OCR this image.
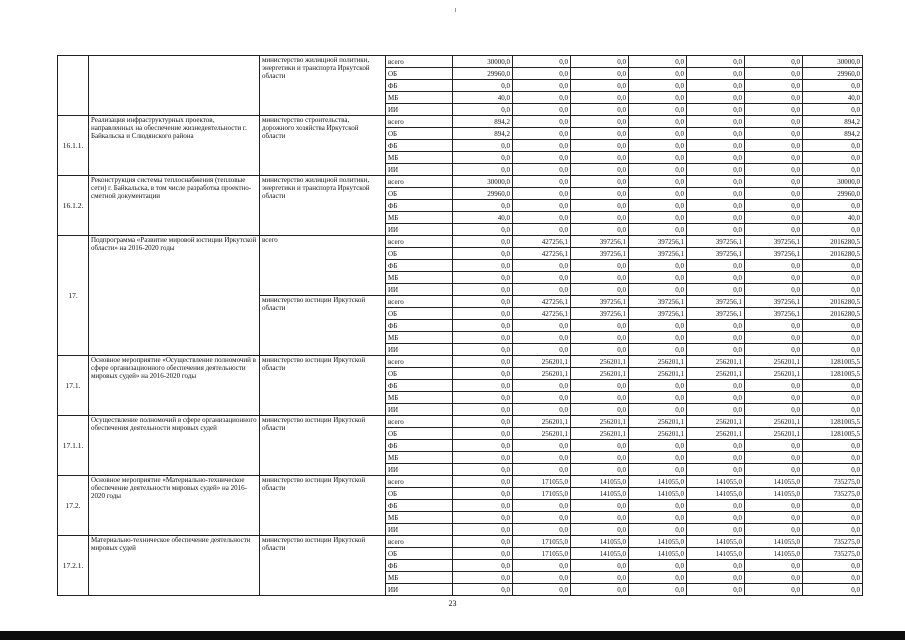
		министерство жилищной политики, энергетики и транспорта Иркутской области	всего	30000,0	0,0	0,0	0,0	0,0	0,0	30000,0
			ОБ	29960,0	0,0	0,0	0,0	0,0	0,0	29960,0
			ФБ	0,0	0,0	0,0	0,0	0,0	0,0	0,0
			МБ	40,0	0,0	0,0	0,0	0,0	0,0	40,0
			ИИ	0,0	0,0	0,0	0,0	0,0	0,0	0,0
16.1.1.	Реализация инфраструктурных проектов, направленных на обеспечение жизнедеятельности г. Байкальска и Слюдянского района	министерство строительства, дорожного хозяйства Иркутской области	всего	894,2	0,0	0,0	0,0	0,0	0,0	894,2
			ОБ	894,2	0,0	0,0	0,0	0,0	0,0	894,2
			ФБ	0,0	0,0	0,0	0,0	0,0	0,0	0,0
			МБ	0,0	0,0	0,0	0,0	0,0	0,0	0,0
			ИИ	0,0	0,0	0,0	0,0	0,0	0,0	0,0
16.1.2.	Реконструкция системы теплоснабжения (тепловые сети) г. Байкальска, в том числе разработка проектно-сметной документации	министерство жилищной политики, энергетики и транспорта Иркутской области	всего	30000,0	0,0	0,0	0,0	0,0	0,0	30000,0
			ОБ	29960,0	0,0	0,0	0,0	0,0	0,0	29960,0
			ФБ	0,0	0,0	0,0	0,0	0,0	0,0	0,0
			МБ	40,0	0,0	0,0	0,0	0,0	0,0	40,0
			ИИ	0,0	0,0	0,0	0,0	0,0	0,0	0,0
17.	Подпрограмма «Развитие мировой юстиции Иркутской области» на 2016-2020 годы	всего	всего	0,0	427256,1	397256,1	397256,1	397256,1	397256,1	2016280,5
			ОБ	0,0	427256,1	397256,1	397256,1	397256,1	397256,1	2016280,5
			ФБ	0,0	0,0	0,0	0,0	0,0	0,0	0,0
			МБ	0,0	0,0	0,0	0,0	0,0	0,0	0,0
			ИИ	0,0	0,0	0,0	0,0	0,0	0,0	0,0
		министерство юстиции Иркутской области	всего	0,0	427256,1	397256,1	397256,1	397256,1	397256,1	2016280,5
			ОБ	0,0	427256,1	397256,1	397256,1	397256,1	397256,1	2016280,5
			ФБ	0,0	0,0	0,0	0,0	0,0	0,0	0,0
			МБ	0,0	0,0	0,0	0,0	0,0	0,0	0,0
			ИИ	0,0	0,0	0,0	0,0	0,0	0,0	0,0
17.1.	Основное мероприятие «Осуществление полномочий в сфере организационного обеспечения деятельности мировых судей» на 2016-2020 годы	министерство юстиции Иркутской области	всего	0,0	256201,1	256201,1	256201,1	256201,1	256201,1	1281005,5
			ОБ	0,0	256201,1	256201,1	256201,1	256201,1	256201,1	1281005,5
			ФБ	0,0	0,0	0,0	0,0	0,0	0,0	0,0
			МБ	0,0	0,0	0,0	0,0	0,0	0,0	0,0
			ИИ	0,0	0,0	0,0	0,0	0,0	0,0	0,0
17.1.1.	Осуществление полномочий в сфере организационного обеспечения деятельности мировых судей	министерство юстиции Иркутской области	всего	0,0	256201,1	256201,1	256201,1	256201,1	256201,1	1281005,5
			ОБ	0,0	256201,1	256201,1	256201,1	256201,1	256201,1	1281005,5
			ФБ	0,0	0,0	0,0	0,0	0,0	0,0	0,0
			МБ	0,0	0,0	0,0	0,0	0,0	0,0	0,0
			ИИ	0,0	0,0	0,0	0,0	0,0	0,0	0,0
17.2.	Основное мероприятие «Материально-техническое обеспечение деятельности мировых судей» на 2016-2020 годы	министерство юстиции Иркутской области	всего	0,0	171055,0	141055,0	141055,0	141055,0	141055,0	735275,0
			ОБ	0,0	171055,0	141055,0	141055,0	141055,0	141055,0	735275,0
			ФБ	0,0	0,0	0,0	0,0	0,0	0,0	0,0
			МБ	0,0	0,0	0,0	0,0	0,0	0,0	0,0
			ИИ	0,0	0,0	0,0	0,0	0,0	0,0	0,0
17.2.1.	Материально-техническое обеспечение деятельности мировых судей	министерство юстиции Иркутской области	всего	0,0	171055,0	141055,0	141055,0	141055,0	141055,0	735275,0
			ОБ	0,0	171055,0	141055,0	141055,0	141055,0	141055,0	735275,0
			ФБ	0,0	0,0	0,0	0,0	0,0	0,0	0,0
			МБ	0,0	0,0	0,0	0,0	0,0	0,0	0,0
			ИИ	0,0	0,0	0,0	0,0	0,0	0,0	0,0
23
